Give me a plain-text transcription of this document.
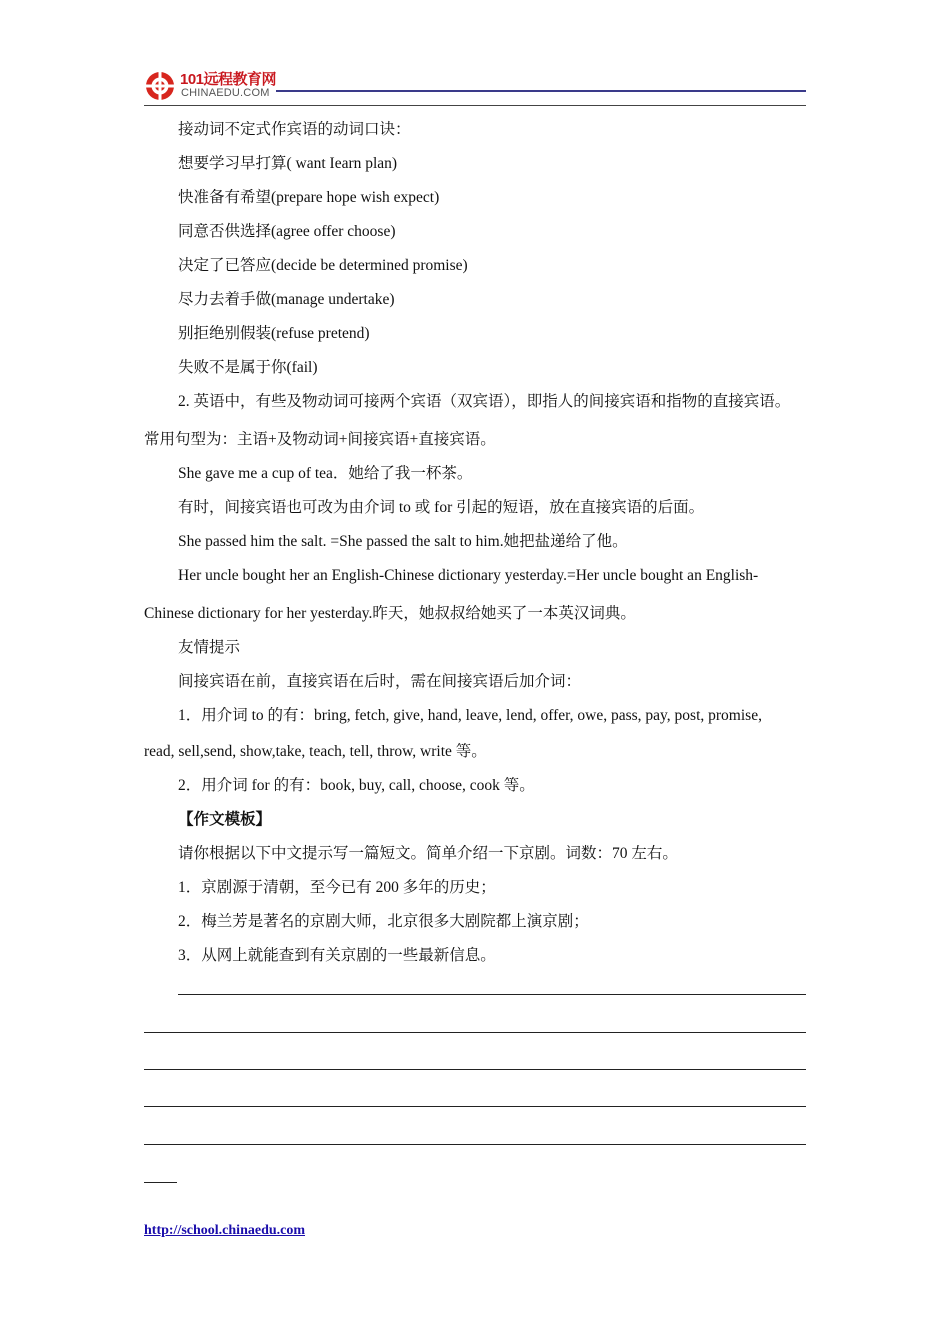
101远程教育网
CHINAEDU.COM
接动词不定式作宾语的动词口诀：
想要学习早打算( want Iearn plan)
快准备有希望(prepare hope wish expect)
同意否供选择(agree offer choose)
决定了已答应(decide be determined promise)
尽力去着手做(manage undertake)
别拒绝别假装(refuse pretend)
失败不是属于你(fail)
2. 英语中，有些及物动词可接两个宾语（双宾语），即指人的间接宾语和指物的直接宾语。
常用句型为：主语+及物动词+间接宾语+直接宾语。
She gave me a cup of tea．她给了我一杯茶。
有时，间接宾语也可改为由介词 to 或 for 引起的短语，放在直接宾语的后面。
She passed him the salt. =She passed the salt to him.她把盐递给了他。
Her uncle bought her an English-Chinese dictionary yesterday.=Her uncle bought an English-
Chinese dictionary for her yesterday.昨天，她叔叔给她买了一本英汉词典。
友情提示
间接宾语在前，直接宾语在后时，需在间接宾语后加介词：
1．用介词 to 的有：bring, fetch, give, hand, leave, lend, offer, owe, pass, pay, post, promise,
read, sell,send, show,take, teach, tell, throw, write 等。
【作文模板】
2．用介词 for 的有：book, buy, call, choose, cook 等。
请你根据以下中文提示写一篇短文。简单介绍一下京剧。词数：70 左右。
1．京剧源于清朝，至今已有 200 多年的历史；
2．梅兰芳是著名的京剧大师，北京很多大剧院都上演京剧；
3．从网上就能查到有关京剧的一些最新信息。
http://school.chinaedu.com
